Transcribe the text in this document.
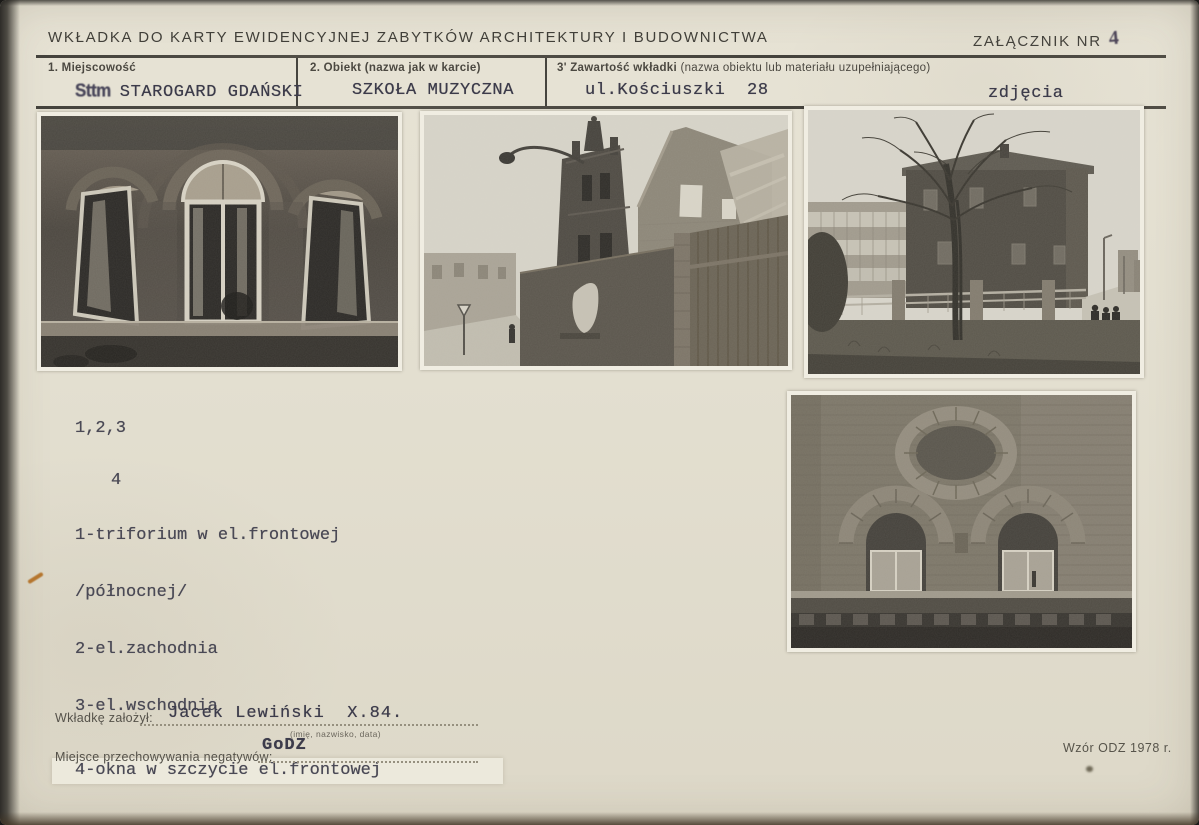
WKŁADKA DO KARTY EWIDENCYJNEJ ZABYTKÓW ARCHITEKTURY I BUDOWNICTWA	ZAŁĄCZNIK NR 4
1. Miejscowość
Sttm STAROGARD GDAŃSKI
2. Obiekt (nazwa jak w karcie)
SZKOŁA MUZYCZNA
3' Zawartość wkładki (nazwa obiektu lub materiału uzupełniającego)
ul.Kościuszki  28	zdjęcia

1,2,3

4

1-triforium w el.frontowej

/północnej/

2-el.zachodnia

3-el.wschodnia

4-okna w szczycie el.frontowej

Wkładkę założył: Jacek Lewiński  X.84.
(imię, nazwisko, data)
GoDZ
Miejsce przechowywania negatywów:
Wzór ODZ 1978 r.
